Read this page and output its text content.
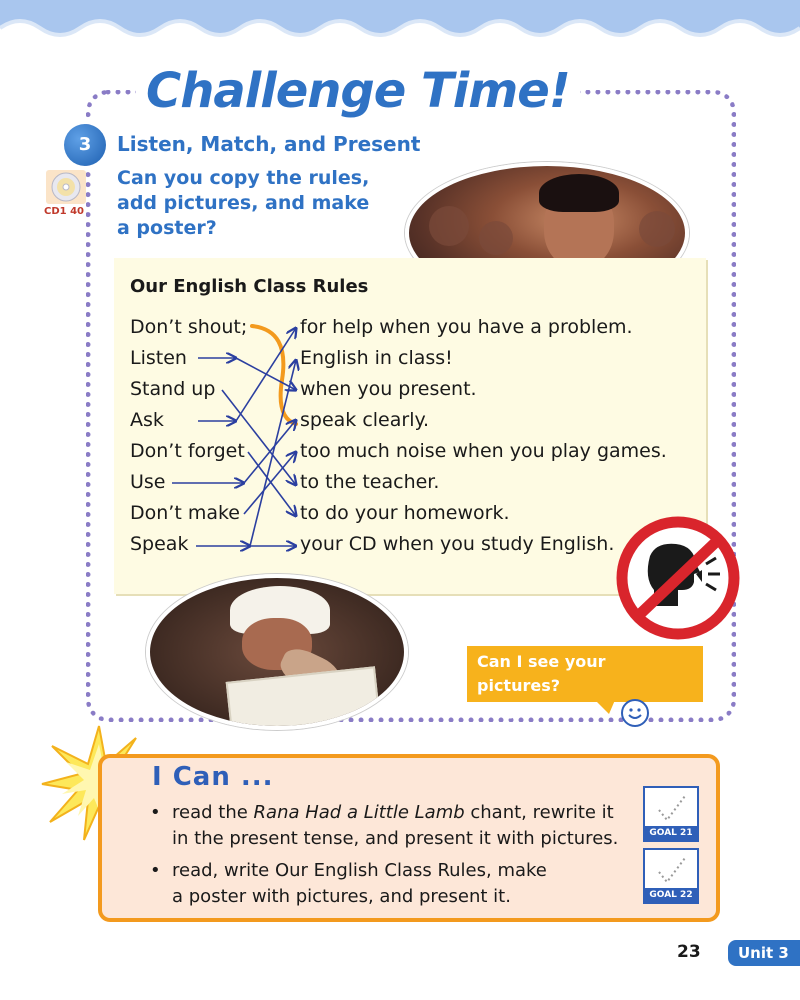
Challenge Time!
3	Listen, Match, and Present
CD1 40
Can you copy the rules,
add pictures, and make
a poster?
Our English Class Rules
Don’t shout;
Listen
Stand up
Ask
Don’t forget
Use
Don’t make
Speak
for help when you have a problem.
English in class!
when you present.
speak clearly.
too much noise when you play games.
to the teacher.
to do your homework.
your CD when you study English.
Can I see your pictures?
Very nice!
I Can ...
• read the Rana Had a Little Lamb chant, rewrite it
in the present tense, and present it with pictures.
• read, write Our English Class Rules, make
a poster with pictures, and present it.
GOAL 21
GOAL 22
23	Unit 3
